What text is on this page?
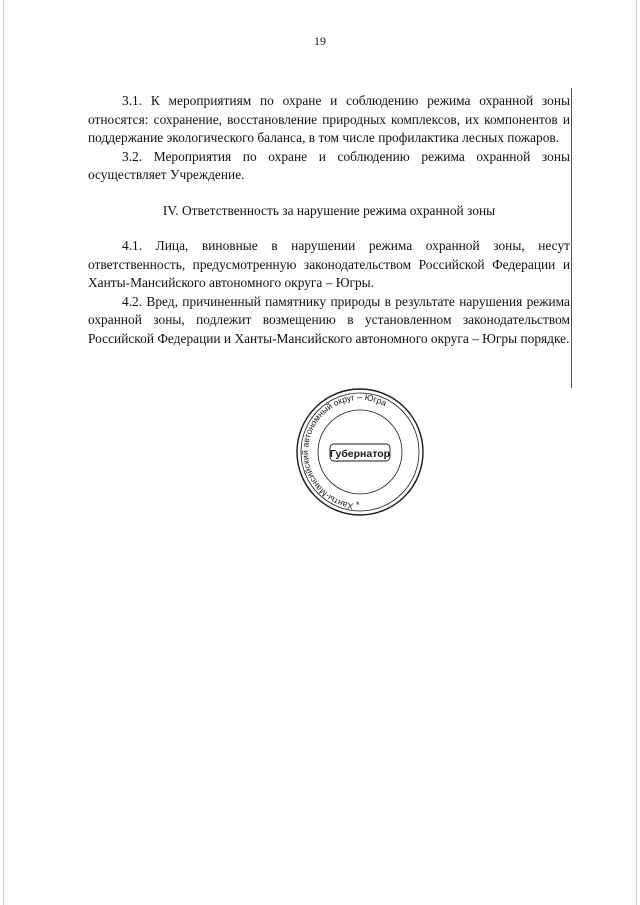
19

3.1. К мероприятиям по охране и соблюдению режима охранной зоны относятся: сохранение, восстановление природных комплексов, их компонентов и поддержание экологического баланса, в том числе профилактика лесных пожаров.

3.2. Мероприятия по охране и соблюдению режима охранной зоны осуществляет Учреждение.

IV. Ответственность за нарушение режима охранной зоны

4.1. Лица, виновные в нарушении режима охранной зоны, несут ответственность, предусмотренную законодательством Российской Федерации и Ханты-Мансийского автономного округа – Югры.

4.2. Вред, причиненный памятнику природы в результате нарушения режима охранной зоны, подлежит возмещению в установленном законодательством Российской Федерации и Ханты-Мансийского автономного округа – Югры порядке.

Ханты-Мансийский автономный округ – Югра
Губернатор
*
